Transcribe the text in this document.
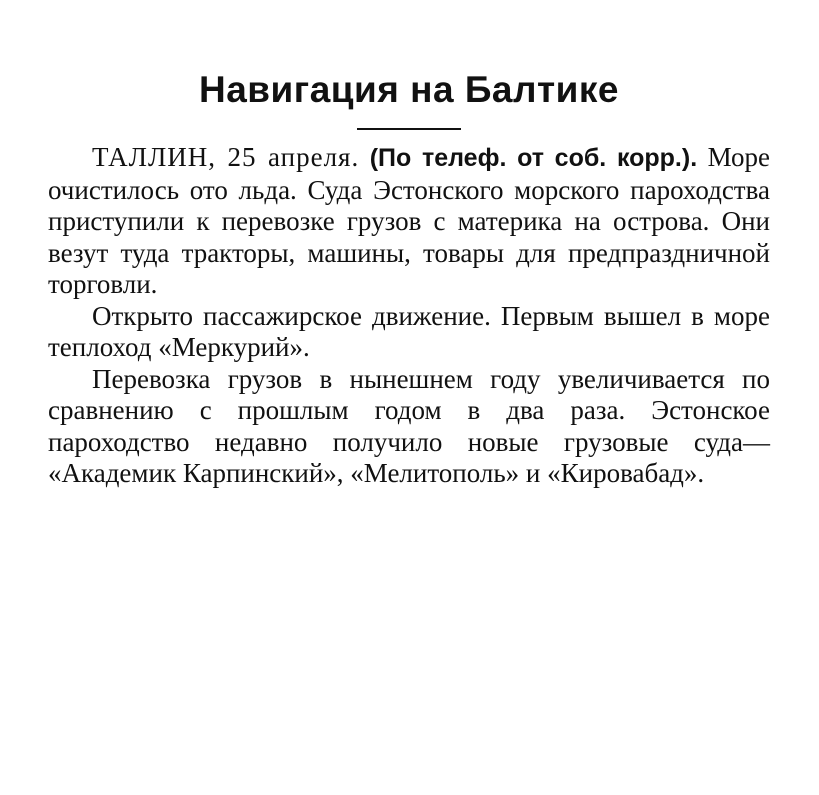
Навигация на Балтике

ТАЛЛИН, 25 апреля. (По телеф. от соб. корр.). Море очистилось ото льда. Суда Эстонского морского пароходства приступили к перевозке грузов с материка на острова. Они везут туда тракторы, машины, товары для предпраздничной торговли.

Открыто пассажирское движение. Первым вышел в море теплоход «Меркурий».

Перевозка грузов в нынешнем году увеличивается по сравнению с прошлым годом в два раза. Эстонское пароходство недавно получило новые грузовые суда— «Академик Карпинский», «Мелитополь» и «Кировабад».
